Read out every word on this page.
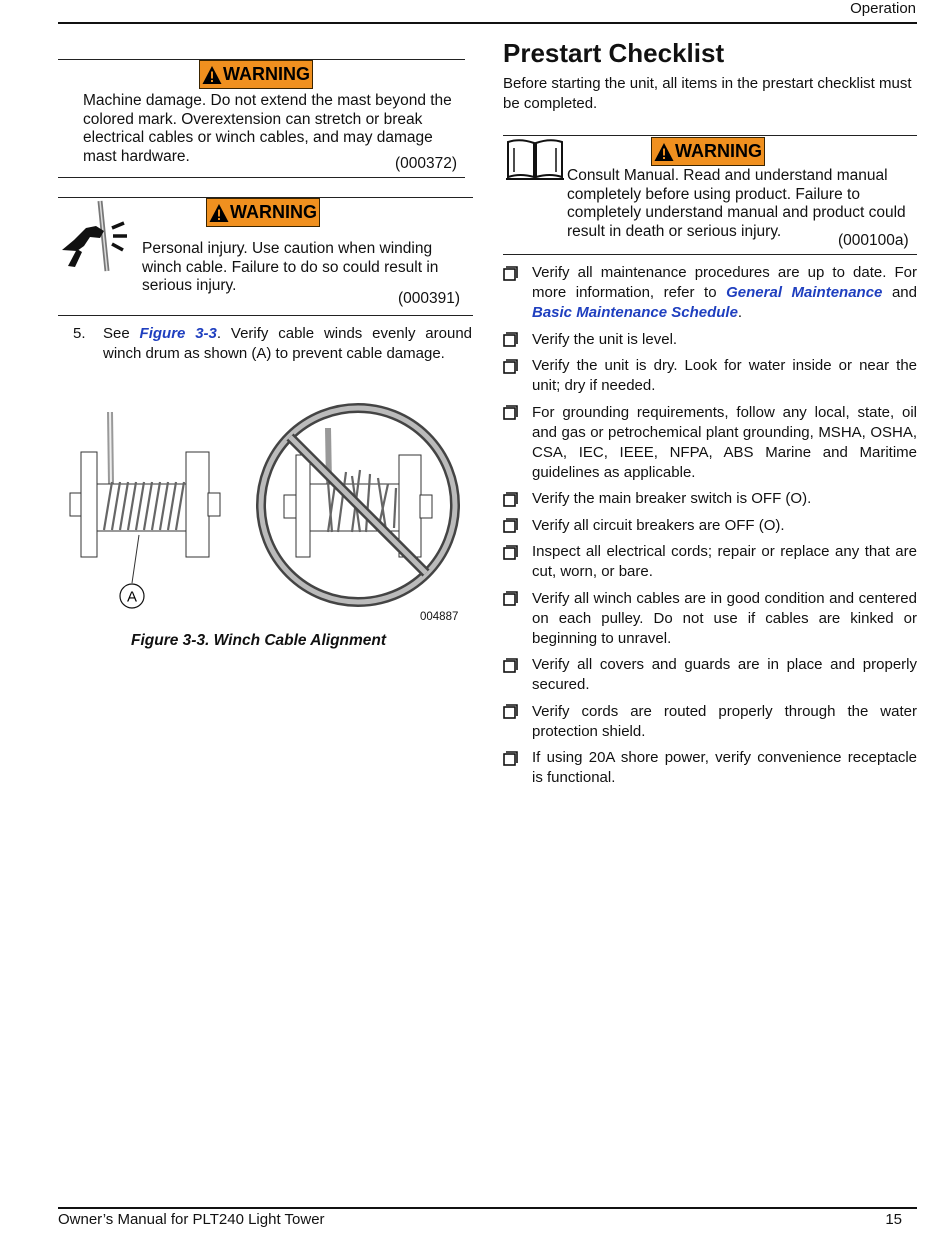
Operation
WARNING
Machine damage. Do not extend the mast beyond the colored mark. Overextension can stretch or break electrical cables or winch cables, and may damage mast hardware.	(000372)
WARNING
Personal injury. Use caution when winding winch cable. Failure to do so could result in serious injury.
(000391)
5. See Figure 3-3. Verify cable winds evenly around winch drum as shown (A) to prevent cable damage.
A
004887
Figure 3-3. Winch Cable Alignment
Prestart Checklist
Before starting the unit, all items in the prestart checklist must be completed.
WARNING
Consult Manual. Read and understand manual completely before using product. Failure to completely understand manual and product could result in death or serious injury.
(000100a)
Verify all maintenance procedures are up to date. For more information, refer to General Maintenance and Basic Maintenance Schedule.
Verify the unit is level.
Verify the unit is dry. Look for water inside or near the unit; dry if needed.
For grounding requirements, follow any local, state, oil and gas or petrochemical plant grounding, MSHA, OSHA, CSA, IEC, IEEE, NFPA, ABS Marine and Maritime guidelines as applicable.
Verify the main breaker switch is OFF (O).
Verify all circuit breakers are OFF (O).
Inspect all electrical cords; repair or replace any that are cut, worn, or bare.
Verify all winch cables are in good condition and centered on each pulley. Do not use if cables are kinked or beginning to unravel.
Verify all covers and guards are in place and properly secured.
Verify cords are routed properly through the water protection shield.
If using 20A shore power, verify convenience receptacle is functional.
Owner’s Manual for PLT240 Light Tower	15
